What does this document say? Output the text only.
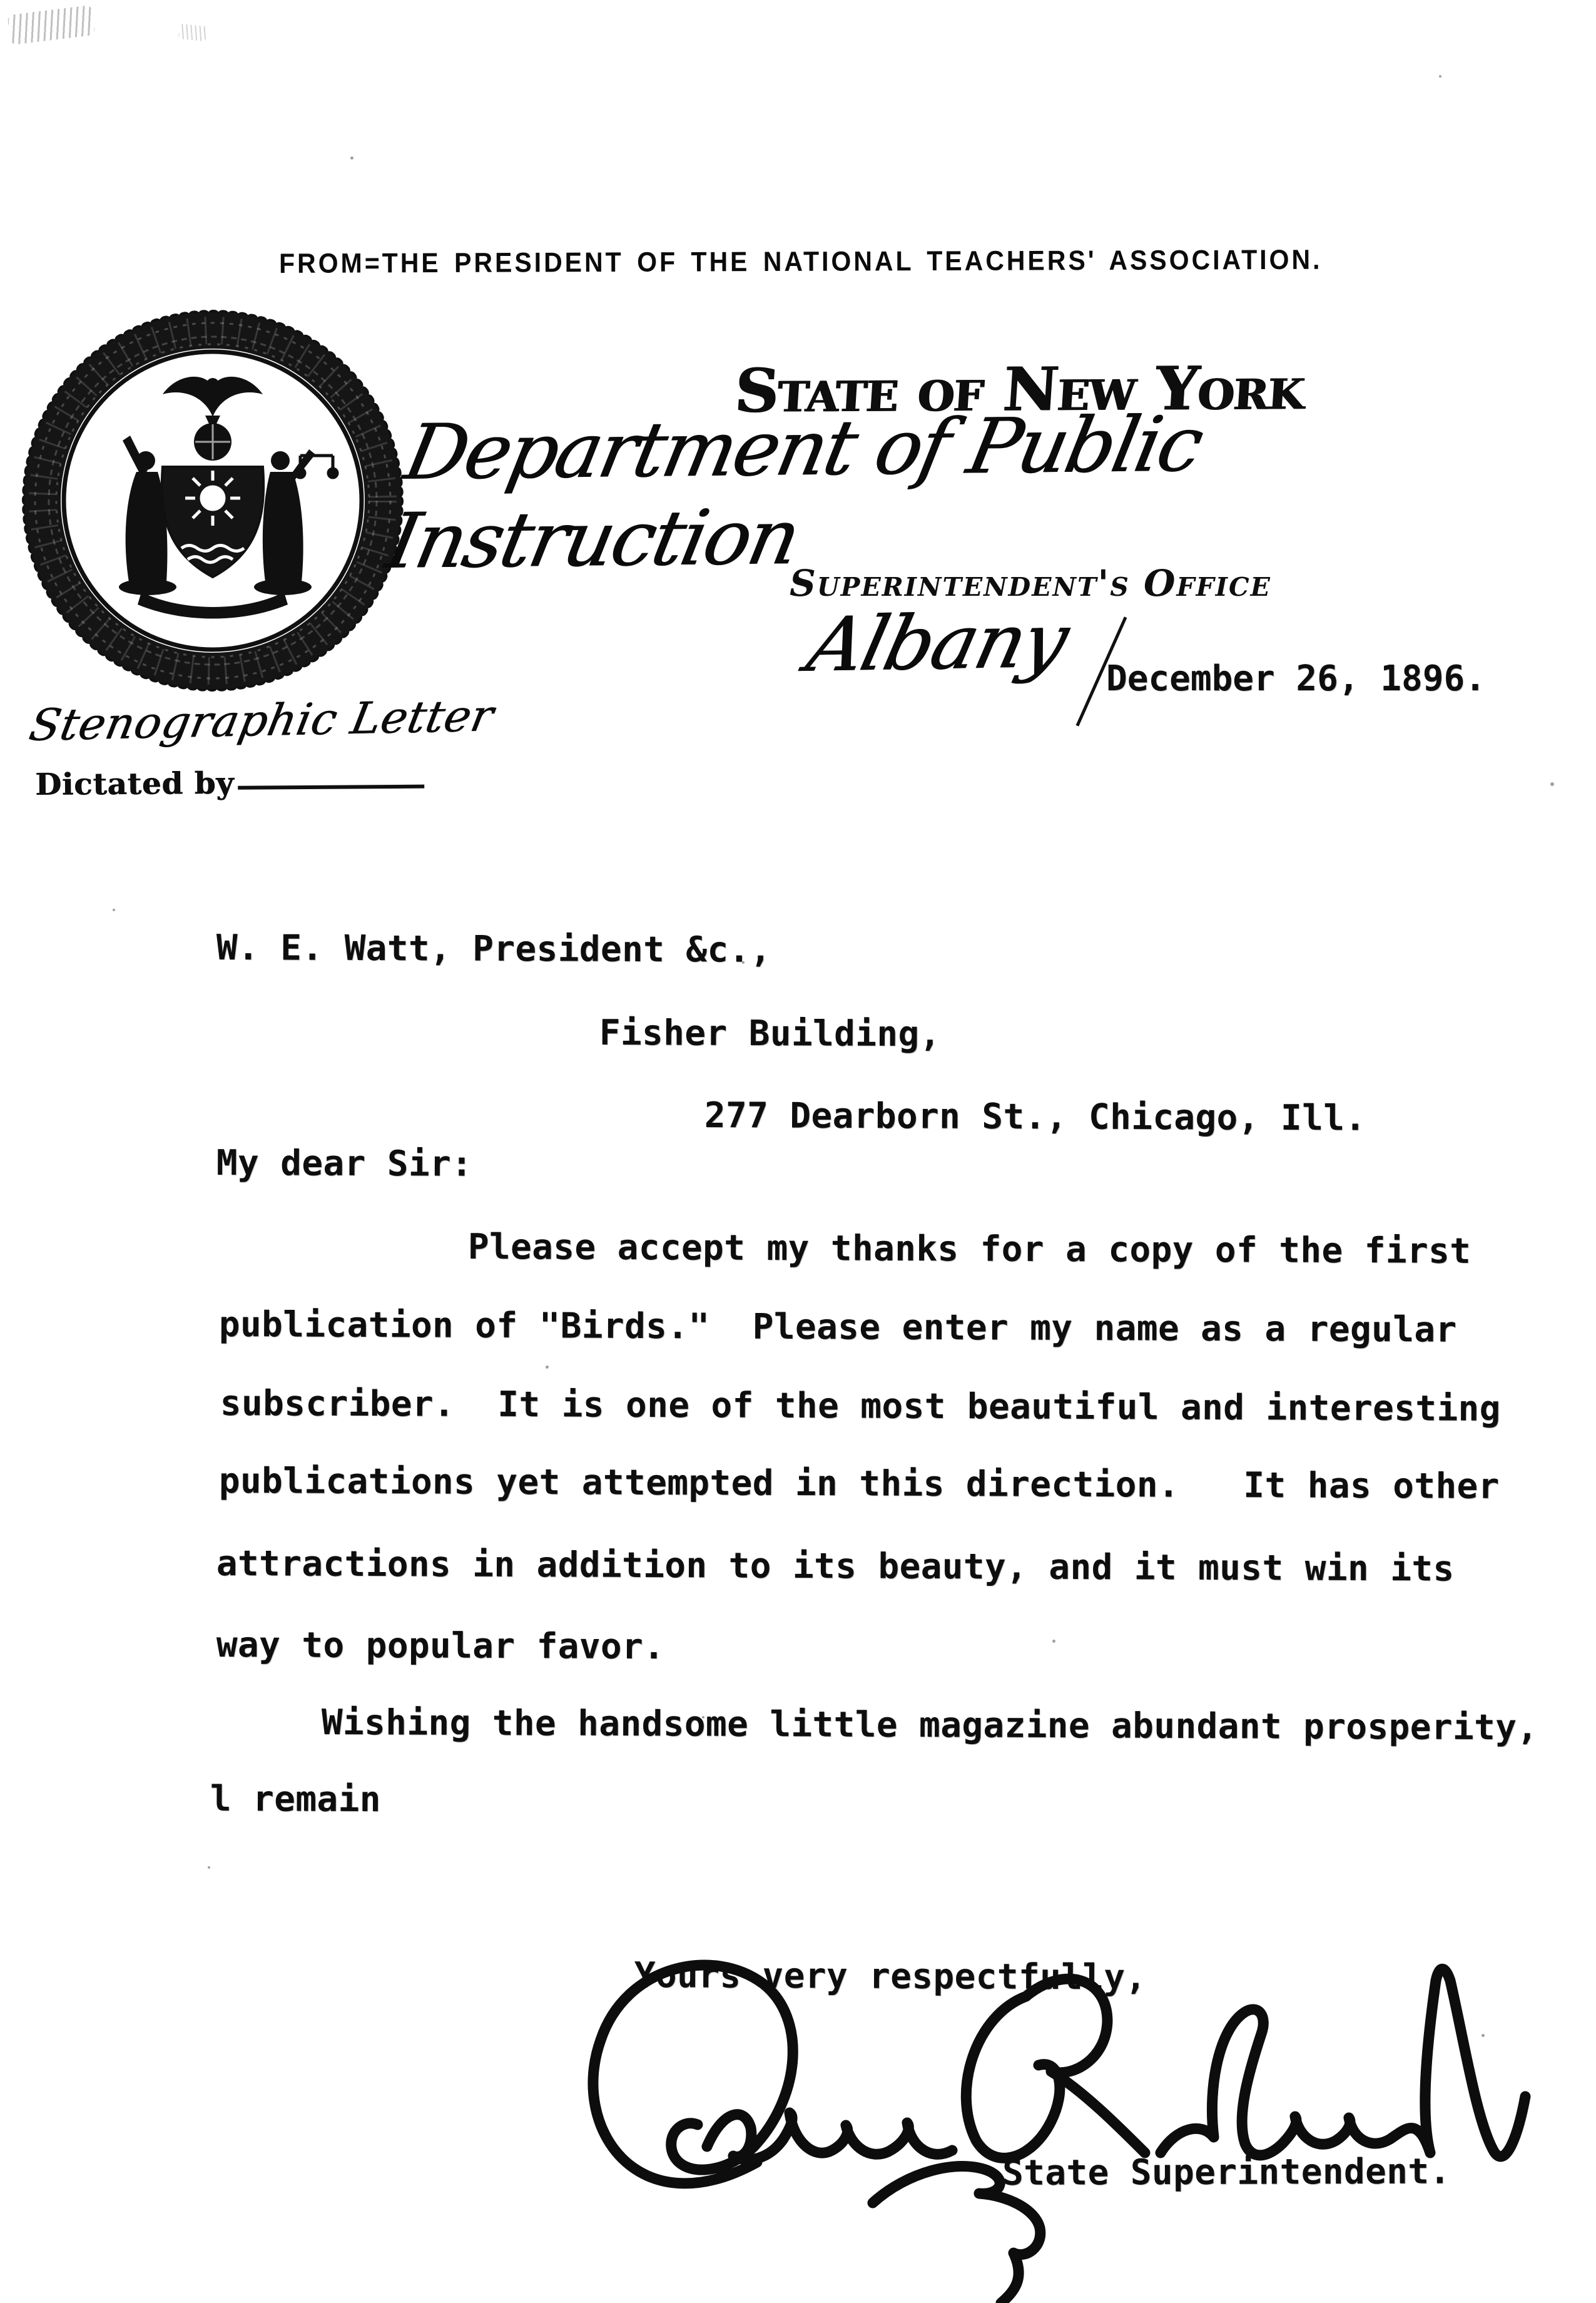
FROM=THE PRESIDENT OF THE NATIONAL TEACHERS' ASSOCIATION.
State of New York
Department of Public Instruction
Superintendent's Office
Albany December 26, 1896.
Stenographic Letter
Dictated by
W. E. Watt, President &c.,
Fisher Building,
277 Dearborn St., Chicago, Ill.
My dear Sir:
Please accept my thanks for a copy of the first
publication of "Birds."  Please enter my name as a regular
subscriber.  It is one of the most beautiful and interesting
publications yet attempted in this direction.   It has other
attractions in addition to its beauty, and it must win its
way to popular favor.
Wishing the handsome little magazine abundant prosperity,
l remain
Yours very respectfully,
State Superintendent.
